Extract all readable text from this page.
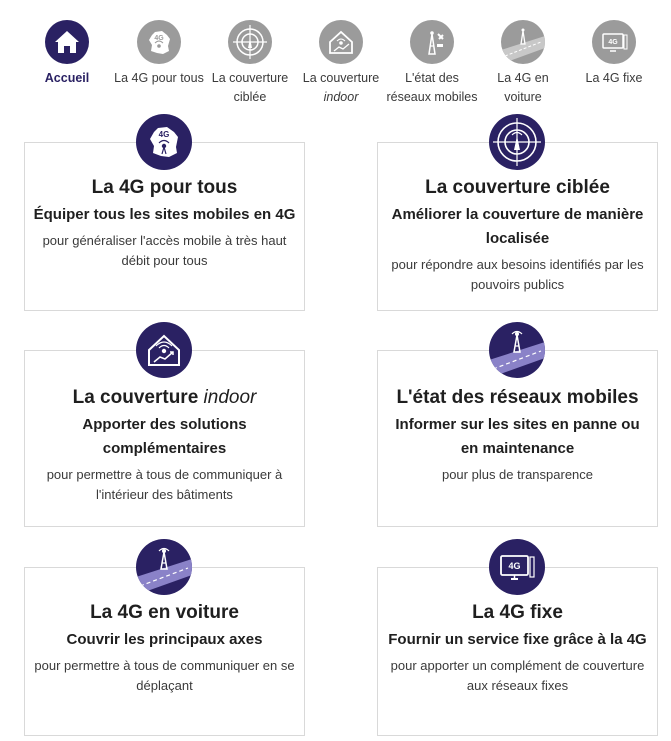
Accueil
4G
La 4G pour tous La couverture ciblée
La couverture
indoor
L'état des réseaux mobiles
La 4G en voiture
4G
La 4G fixe

La 4G pour tous

Équiper tous les sites mobiles en 4G

pour généraliser l'accès mobile à très haut débit pour tous

4G

La couverture ciblée

Améliorer la couverture de manière localisée

pour répondre aux besoins identifiés par les pouvoirs publics

La couverture indoor

Apporter des solutions complémentaires

pour permettre à tous de communiquer à l'intérieur des bâtiments

L'état des réseaux mobiles

Informer sur les sites en panne ou en maintenance

pour plus de transparence

La 4G en voiture

Couvrir les principaux axes

pour permettre à tous de communiquer en se déplaçant

La 4G fixe

Fournir un service fixe grâce à la 4G

pour apporter un complément de couverture aux réseaux fixes

4G
